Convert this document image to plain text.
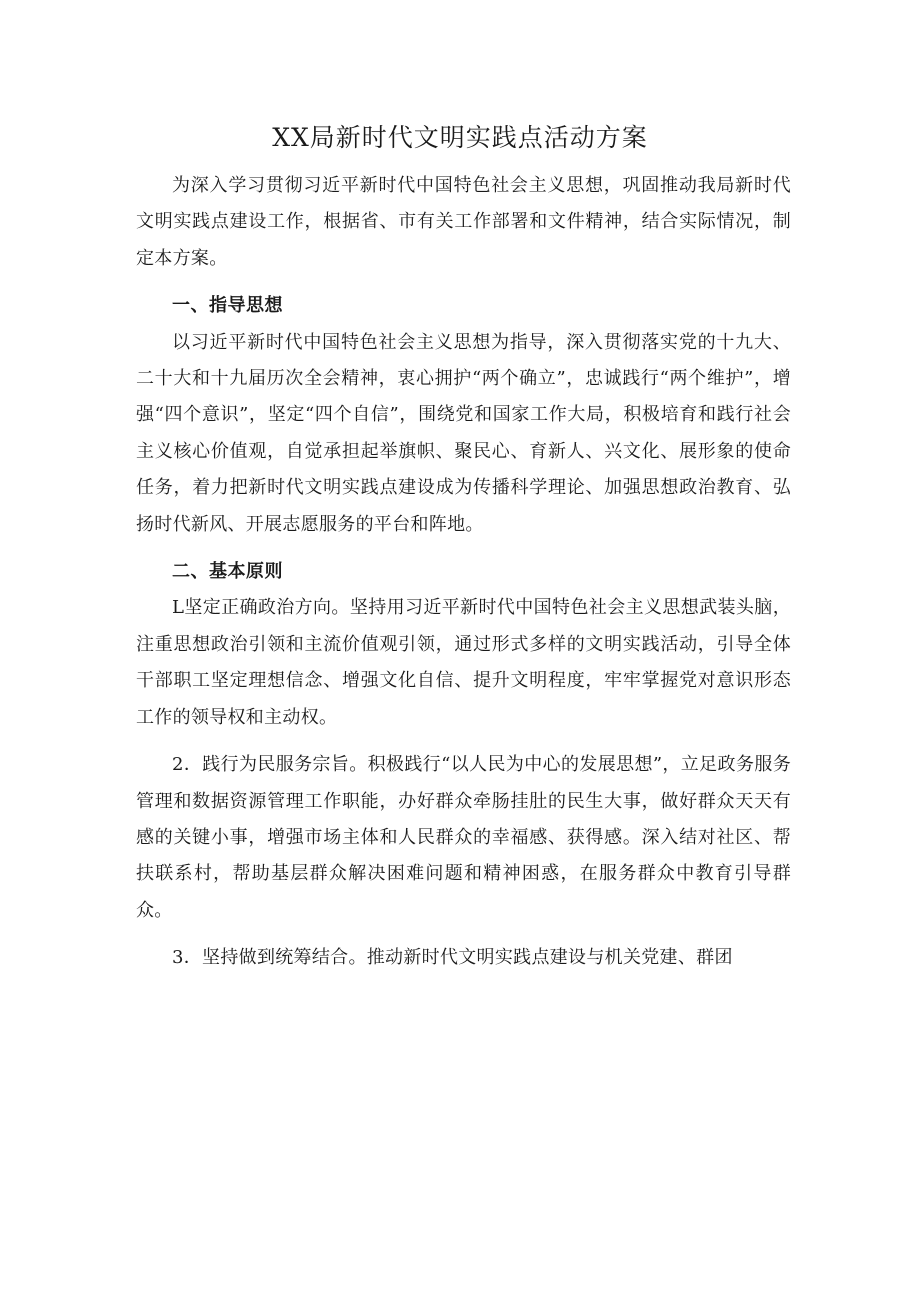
XX局新时代文明实践点活动方案

为深入学习贯彻习近平新时代中国特色社会主义思想，巩固推动我局新时代文明实践点建设工作，根据省、市有关工作部署和文件精神，结合实际情况，制定本方案。

一、指导思想

以习近平新时代中国特色社会主义思想为指导，深入贯彻落实党的十九大、二十大和十九届历次全会精神，衷心拥护“两个确立”，忠诚践行“两个维护”，增强“四个意识”，坚定“四个自信”，围绕党和国家工作大局，积极培育和践行社会主义核心价值观，自觉承担起举旗帜、聚民心、育新人、兴文化、展形象的使命任务，着力把新时代文明实践点建设成为传播科学理论、加强思想政治教育、弘扬时代新风、开展志愿服务的平台和阵地。

二、基本原则

L坚定正确政治方向。坚持用习近平新时代中国特色社会主义思想武装头脑，注重思想政治引领和主流价值观引领，通过形式多样的文明实践活动，引导全体干部职工坚定理想信念、增强文化自信、提升文明程度，牢牢掌握党对意识形态工作的领导权和主动权。

2．践行为民服务宗旨。积极践行“以人民为中心的发展思想”，立足政务服务管理和数据资源管理工作职能，办好群众牵肠挂肚的民生大事，做好群众天天有感的关键小事，增强市场主体和人民群众的幸福感、获得感。深入结对社区、帮扶联系村，帮助基层群众解决困难问题和精神困惑，在服务群众中教育引导群众。

3．坚持做到统筹结合。推动新时代文明实践点建设与机关党建、群团
